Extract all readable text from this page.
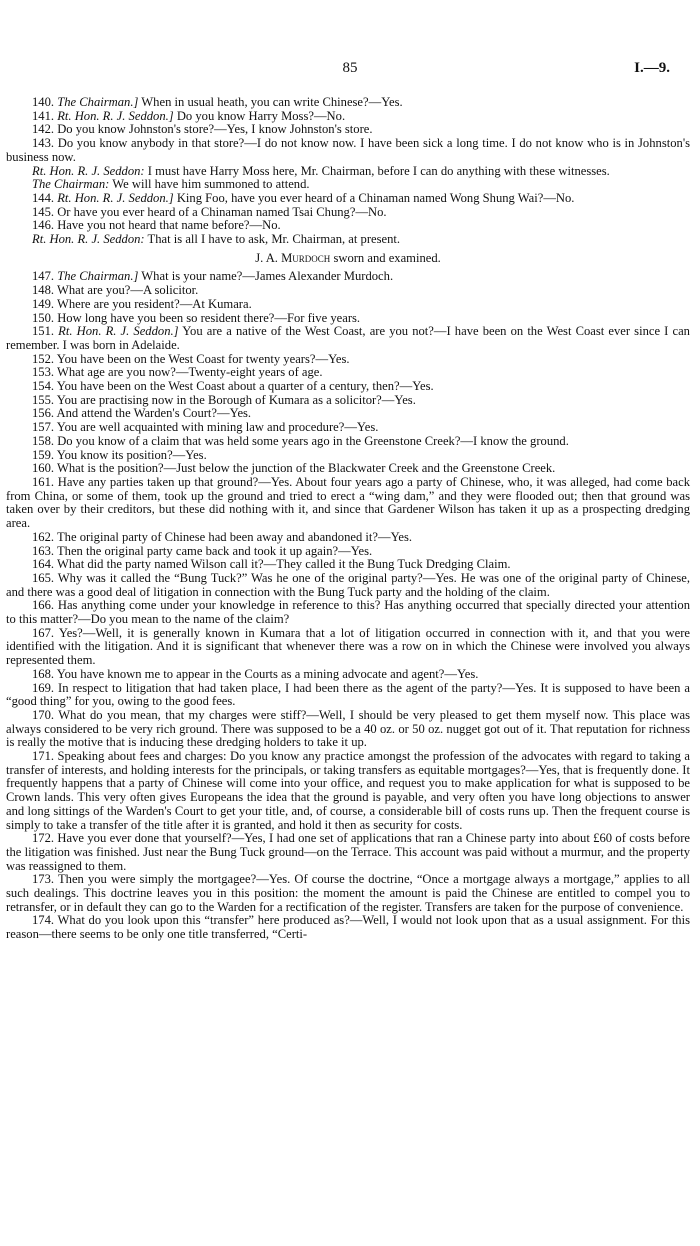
85	I.—9.

140. The Chairman.] When in usual heath, you can write Chinese?—Yes.

141. Rt. Hon. R. J. Seddon.] Do you know Harry Moss?—No.

142. Do you know Johnston's store?—Yes, I know Johnston's store.

143. Do you know anybody in that store?—I do not know now. I have been sick a long time. I do not know who is in Johnston's business now.

Rt. Hon. R. J. Seddon: I must have Harry Moss here, Mr. Chairman, before I can do anything with these witnesses.

The Chairman: We will have him summoned to attend.

144. Rt. Hon. R. J. Seddon.] King Foo, have you ever heard of a Chinaman named Wong Shung Wai?—No.

145. Or have you ever heard of a Chinaman named Tsai Chung?—No.

146. Have you not heard that name before?—No.

Rt. Hon. R. J. Seddon: That is all I have to ask, Mr. Chairman, at present.

J. A. Murdoch sworn and examined.

147. The Chairman.] What is your name?—James Alexander Murdoch.

148. What are you?—A solicitor.

149. Where are you resident?—At Kumara.

150. How long have you been so resident there?—For five years.

151. Rt. Hon. R. J. Seddon.] You are a native of the West Coast, are you not?—I have been on the West Coast ever since I can remember. I was born in Adelaide.

152. You have been on the West Coast for twenty years?—Yes.

153. What age are you now?—Twenty-eight years of age.

154. You have been on the West Coast about a quarter of a century, then?—Yes.

155. You are practising now in the Borough of Kumara as a solicitor?—Yes.

156. And attend the Warden's Court?—Yes.

157. You are well acquainted with mining law and procedure?—Yes.

158. Do you know of a claim that was held some years ago in the Greenstone Creek?—I know the ground.

159. You know its position?—Yes.

160. What is the position?—Just below the junction of the Blackwater Creek and the Greenstone Creek.

161. Have any parties taken up that ground?—Yes. About four years ago a party of Chinese, who, it was alleged, had come back from China, or some of them, took up the ground and tried to erect a “wing dam,” and they were flooded out; then that ground was taken over by their creditors, but these did nothing with it, and since that Gardener Wilson has taken it up as a prospecting dredging area.

162. The original party of Chinese had been away and abandoned it?—Yes.

163. Then the original party came back and took it up again?—Yes.

164. What did the party named Wilson call it?—They called it the Bung Tuck Dredging Claim.

165. Why was it called the “Bung Tuck?” Was he one of the original party?—Yes. He was one of the original party of Chinese, and there was a good deal of litigation in connection with the Bung Tuck party and the holding of the claim.

166. Has anything come under your knowledge in reference to this? Has anything occurred that specially directed your attention to this matter?—Do you mean to the name of the claim?

167. Yes?—Well, it is generally known in Kumara that a lot of litigation occurred in connection with it, and that you were identified with the litigation. And it is significant that whenever there was a row on in which the Chinese were involved you always represented them.

168. You have known me to appear in the Courts as a mining advocate and agent?—Yes.

169. In respect to litigation that had taken place, I had been there as the agent of the party?—Yes. It is supposed to have been a “good thing” for you, owing to the good fees.

170. What do you mean, that my charges were stiff?—Well, I should be very pleased to get them myself now. This place was always considered to be very rich ground. There was supposed to be a 40 oz. or 50 oz. nugget got out of it. That reputation for richness is really the motive that is inducing these dredging holders to take it up.

171. Speaking about fees and charges: Do you know any practice amongst the profession of the advocates with regard to taking a transfer of interests, and holding interests for the principals, or taking transfers as equitable mortgages?—Yes, that is frequently done. It frequently happens that a party of Chinese will come into your office, and request you to make application for what is supposed to be Crown lands. This very often gives Europeans the idea that the ground is payable, and very often you have long objections to answer and long sittings of the Warden's Court to get your title, and, of course, a considerable bill of costs runs up. Then the frequent course is simply to take a transfer of the title after it is granted, and hold it then as security for costs.

172. Have you ever done that yourself?—Yes, I had one set of applications that ran a Chinese party into about £60 of costs before the litigation was finished. Just near the Bung Tuck ground—on the Terrace. This account was paid without a murmur, and the property was reassigned to them.

173. Then you were simply the mortgagee?—Yes. Of course the doctrine, “Once a mortgage always a mortgage,” applies to all such dealings. This doctrine leaves you in this position: the moment the amount is paid the Chinese are entitled to compel you to retransfer, or in default they can go to the Warden for a rectification of the register. Transfers are taken for the purpose of convenience.

174. What do you look upon this “transfer” here produced as?—Well, I would not look upon that as a usual assignment. For this reason—there seems to be only one title transferred, “Certi-
